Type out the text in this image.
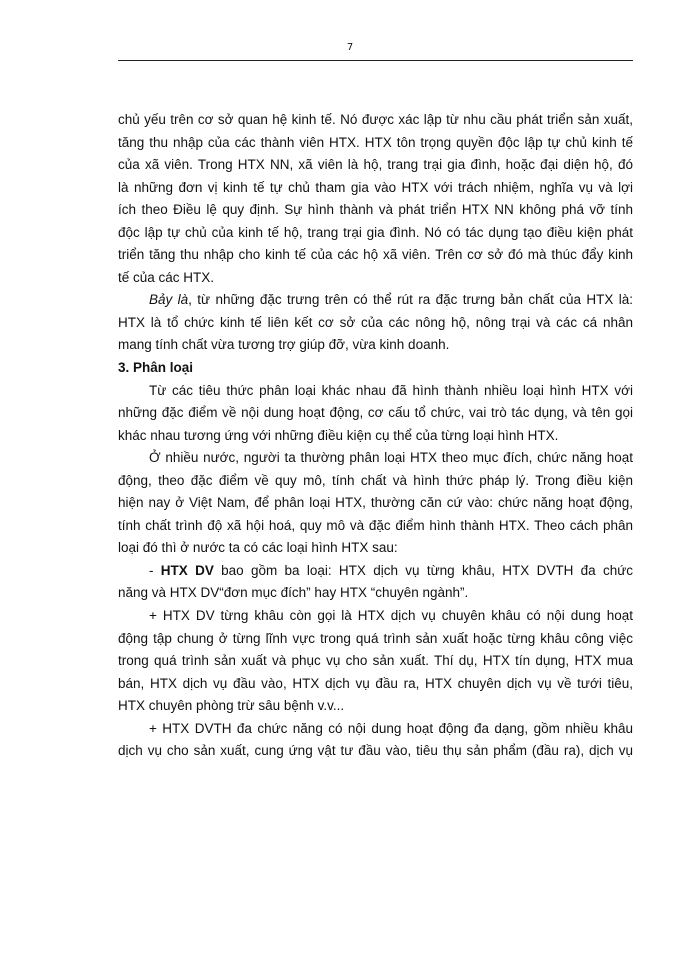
7

chủ yếu trên cơ sở quan hệ kinh tế. Nó được xác lập từ nhu cầu phát triển sản xuất,
tăng thu nhập của các thành viên HTX. HTX tôn trọng quyền độc lập tự chủ kinh tế
của xã viên. Trong HTX NN, xã viên là hộ, trang trại gia đình, hoặc đại diện hộ, đó
là những đơn vị kinh tế tự chủ tham gia vào HTX với trách nhiệm, nghĩa vụ và lợi
ích theo Điều lệ quy định. Sự hình thành và phát triển HTX NN không phá vỡ tính
độc lập tự chủ của kinh tế hộ, trang trại gia đình. Nó có tác dụng tạo điều kiện phát
triển tăng thu nhập cho kinh tế của các hộ xã viên. Trên cơ sở đó mà thúc đẩy kinh
tế của các HTX.

Bảy là, từ những đặc trưng trên có thể rút ra đặc trưng bản chất của HTX là:
HTX là tổ chức kinh tế liên kết cơ sở của các nông hộ, nông trại và các cá nhân
mang tính chất vừa tương trợ giúp đỡ, vừa kinh doanh.

3. Phân loại

Từ các tiêu thức phân loại khác nhau đã hình thành nhiều loại hình HTX với
những đặc điểm về nội dung hoạt động, cơ cấu tổ chức, vai trò tác dụng, và tên gọi
khác nhau tương ứng với những điều kiện cụ thể của từng loại hình HTX.

Ở nhiều nước, người ta thường phân loại HTX theo mục đích, chức năng hoạt
động, theo đặc điểm về quy mô, tính chất và hình thức pháp lý. Trong điều kiện
hiện nay ở Việt Nam, để phân loại HTX, thường căn cứ vào: chức năng hoạt động,
tính chất trình độ xã hội hoá, quy mô và đặc điểm hình thành HTX. Theo cách phân
loại đó thì ở nước ta có các loại hình HTX sau:

- HTX DV bao gồm ba loại: HTX dịch vụ từng khâu, HTX DVTH đa chức
năng và HTX DV“đơn mục đích” hay HTX “chuyên ngành”.

+ HTX DV từng khâu còn gọi là HTX dịch vụ chuyên khâu có nội dung hoạt
động tập chung ở từng lĩnh vực trong quá trình sản xuất hoặc từng khâu công việc
trong quá trình sản xuất và phục vụ cho sản xuất. Thí dụ, HTX tín dụng, HTX mua
bán, HTX dịch vụ đầu vào, HTX dịch vụ đầu ra, HTX chuyên dịch vụ về tưới tiêu,
HTX chuyên phòng trừ sâu bệnh v.v...

+ HTX DVTH đa chức năng có nội dung hoạt động đa dạng, gồm nhiều khâu
dịch vụ cho sản xuất, cung ứng vật tư đầu vào, tiêu thụ sản phẩm (đầu ra), dịch vụ
